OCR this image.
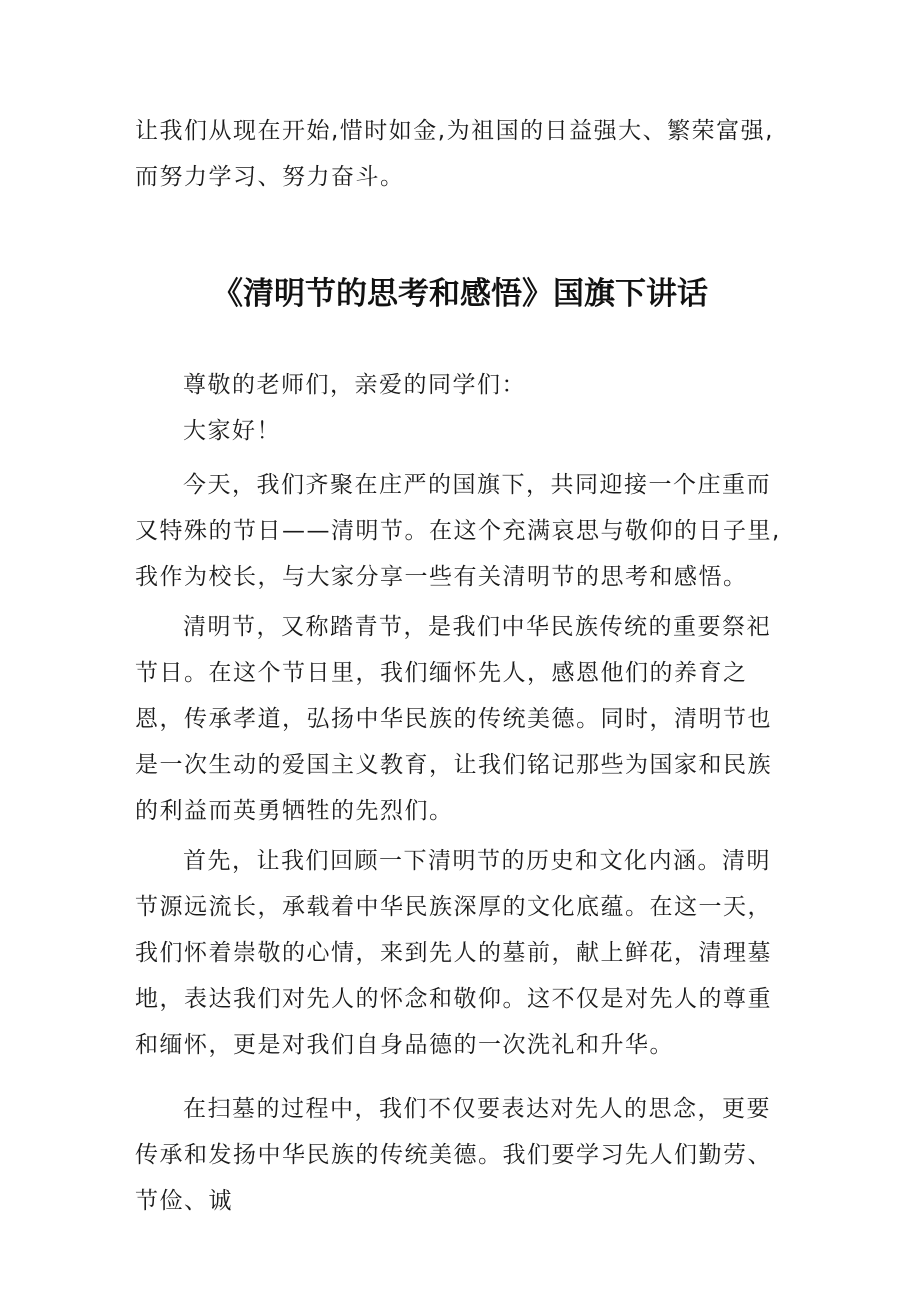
让我们从现在开始,惜时如金,为祖国的日益强大、繁荣富强,而努力学习、努力奋斗。

《清明节的思考和感悟》国旗下讲话

尊敬的老师们，亲爱的同学们：

大家好！

今天，我们齐聚在庄严的国旗下，共同迎接一个庄重而又特殊的节日——清明节。在这个充满哀思与敬仰的日子里,我作为校长，与大家分享一些有关清明节的思考和感悟。

清明节，又称踏青节，是我们中华民族传统的重要祭祀节日。在这个节日里，我们缅怀先人，感恩他们的养育之恩，传承孝道，弘扬中华民族的传统美德。同时，清明节也是一次生动的爱国主义教育，让我们铭记那些为国家和民族的利益而英勇牺牲的先烈们。

首先，让我们回顾一下清明节的历史和文化内涵。清明节源远流长，承载着中华民族深厚的文化底蕴。在这一天，我们怀着崇敬的心情，来到先人的墓前，献上鲜花，清理墓地，表达我们对先人的怀念和敬仰。这不仅是对先人的尊重和缅怀，更是对我们自身品德的一次洗礼和升华。

在扫墓的过程中，我们不仅要表达对先人的思念，更要传承和发扬中华民族的传统美德。我们要学习先人们勤劳、节俭、诚
